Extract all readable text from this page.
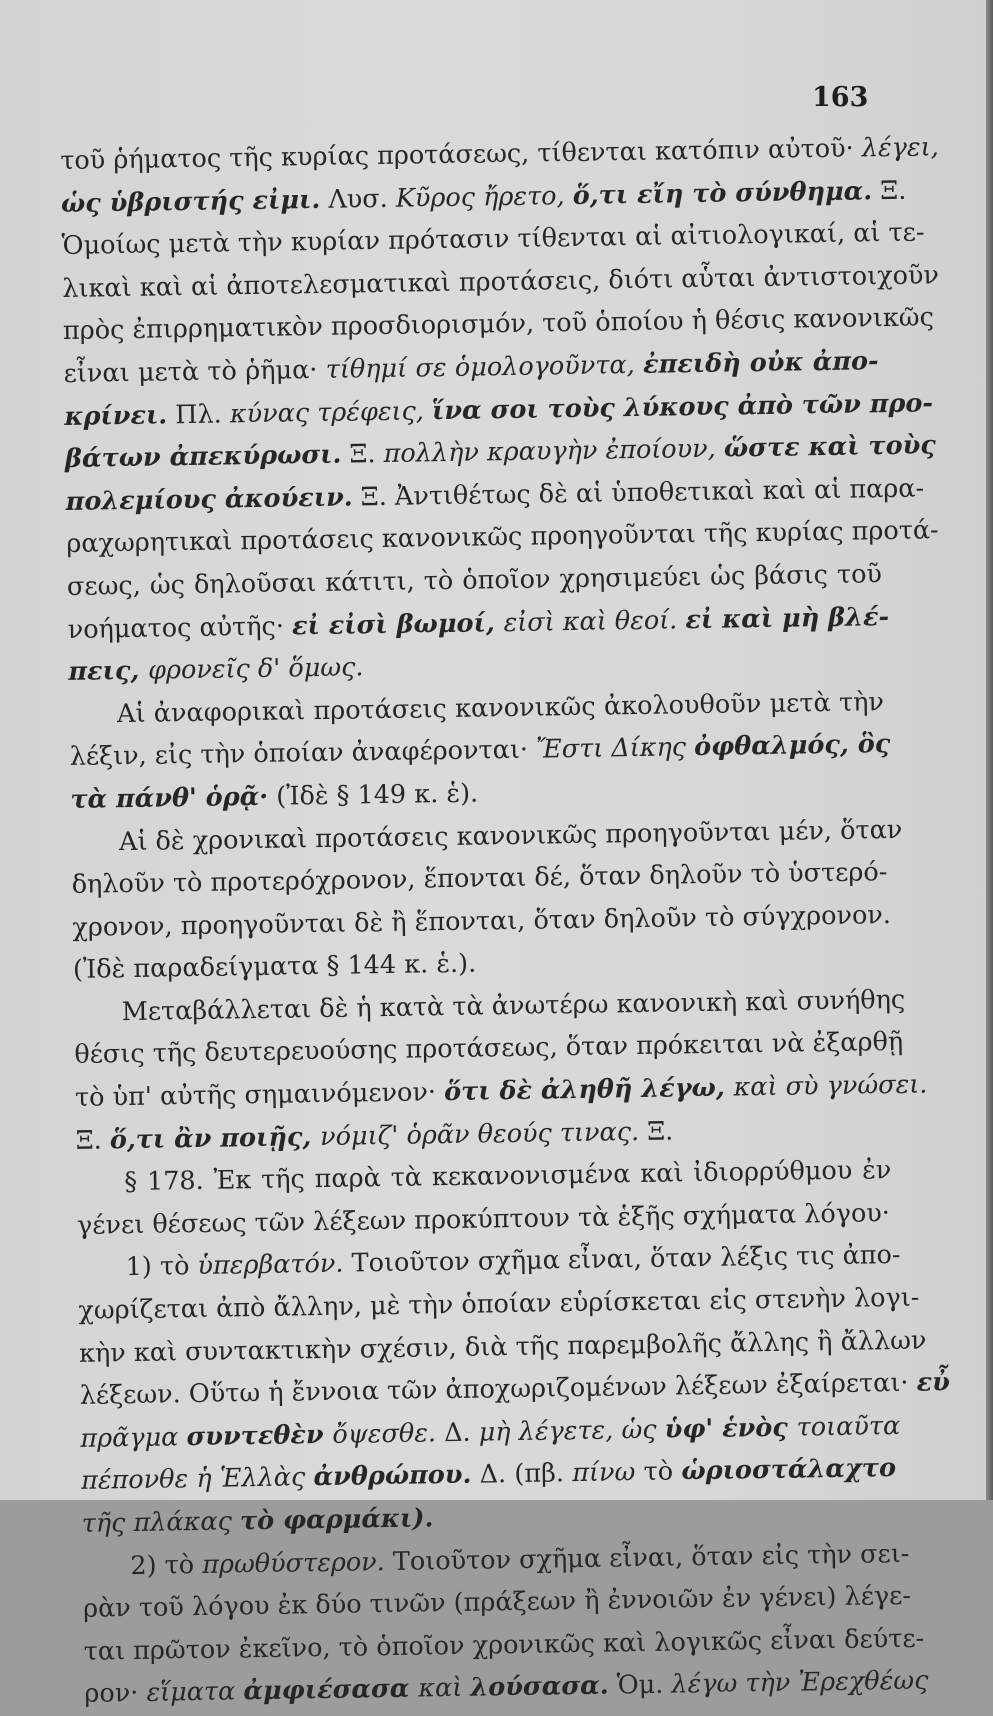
163
τοῦ ῥήματος τῆς κυρίας προτάσεως, τίθενται κατόπιν αὐτοῦ· λέγει,
ὡς ὑβριστής εἰμι. Λυσ. Κῦρος ἤρετο, ὅ,τι εἴη τὸ σύνθημα. Ξ.
Ὁμοίως μετὰ τὴν κυρίαν πρότασιν τίθενται αἱ αἰτιολογικαί, αἱ τε-
λικαὶ καὶ αἱ ἀποτελεσματικαὶ προτάσεις, διότι αὗται ἀντιστοιχοῦν
πρὸς ἐπιρρηματικὸν προσδιορισμόν, τοῦ ὁποίου ἡ θέσις κανονικῶς
εἶναι μετὰ τὸ ῥῆμα· τίθημί σε ὁμολογοῦντα, ἐπειδὴ οὐκ ἀπο-
κρίνει. Πλ. κύνας τρέφεις, ἵνα σοι τοὺς λύκους ἀπὸ τῶν προ-
βάτων ἀπεκύρωσι. Ξ. πολλὴν κραυγὴν ἐποίουν, ὥστε καὶ τοὺς
πολεμίους ἀκούειν. Ξ. Ἀντιθέτως δὲ αἱ ὑποθετικαὶ καὶ αἱ παρα-
ραχωρητικαὶ προτάσεις κανονικῶς προηγοῦνται τῆς κυρίας προτά-
σεως, ὡς δηλοῦσαι κάτιτι, τὸ ὁποῖον χρησιμεύει ὡς βάσις τοῦ
νοήματος αὐτῆς· εἰ εἰσὶ βωμοί, εἰσὶ καὶ θεοί. εἰ καὶ μὴ βλέ-
πεις, φρονεῖς δ' ὅμως.
Αἱ ἀναφορικαὶ προτάσεις κανονικῶς ἀκολουθοῦν μετὰ τὴν
λέξιν, εἰς τὴν ὁποίαν ἀναφέρονται· Ἔστι Δίκης ὀφθαλμός, ὃς
τὰ πάνθ' ὁρᾷ· (Ἰδὲ § 149 κ. ἑ).
Αἱ δὲ χρονικαὶ προτάσεις κανονικῶς προηγοῦνται μέν, ὅταν
δηλοῦν τὸ προτερόχρονον, ἕπονται δέ, ὅταν δηλοῦν τὸ ὑστερό-
χρονον, προηγοῦνται δὲ ἢ ἕπονται, ὅταν δηλοῦν τὸ σύγχρονον.
(Ἰδὲ παραδείγματα § 144 κ. ἑ.).
Μεταβάλλεται δὲ ἡ κατὰ τὰ ἀνωτέρω κανονικὴ καὶ συνήθης
θέσις τῆς δευτερευούσης προτάσεως, ὅταν πρόκειται νὰ ἐξαρθῇ
τὸ ὑπ' αὐτῆς σημαινόμενον· ὅτι δὲ ἀληθῆ λέγω, καὶ σὺ γνώσει.
Ξ. ὅ,τι ἂν ποιῇς, νόμιζ' ὁρᾶν θεούς τινας. Ξ.
§ 178. Ἐκ τῆς παρὰ τὰ κεκανονισμένα καὶ ἰδιορρύθμου ἐν
γένει θέσεως τῶν λέξεων προκύπτουν τὰ ἑξῆς σχήματα λόγου·
1) τὸ ὑπερβατόν. Τοιοῦτον σχῆμα εἶναι, ὅταν λέξις τις ἀπο-
χωρίζεται ἀπὸ ἄλλην, μὲ τὴν ὁποίαν εὑρίσκεται εἰς στενὴν λογι-
κὴν καὶ συντακτικὴν σχέσιν, διὰ τῆς παρεμβολῆς ἄλλης ἢ ἄλλων
λέξεων. Οὕτω ἡ ἔννοια τῶν ἀποχωριζομένων λέξεων ἐξαίρεται· εὖ
πρᾶγμα συντεθὲν ὄψεσθε. Δ. μὴ λέγετε, ὡς ὑφ' ἑνὸς τοιαῦτα
πέπονθε ἡ Ἑλλὰς ἀνθρώπου. Δ. (πβ. πίνω τὸ ὡριοστάλαχτο
τῆς πλάκας τὸ φαρμάκι).
2) τὸ πρωθύστερον. Τοιοῦτον σχῆμα εἶναι, ὅταν εἰς τὴν σει-
ρὰν τοῦ λόγου ἐκ δύο τινῶν (πράξεων ἢ ἐννοιῶν ἐν γένει) λέγε-
ται πρῶτον ἐκεῖνο, τὸ ὁποῖον χρονικῶς καὶ λογικῶς εἶναι δεύτε-
ρον· εἵματα ἀμφιέσασα καὶ λούσασα. Ὁμ. λέγω τὴν Ἐρεχθέως
